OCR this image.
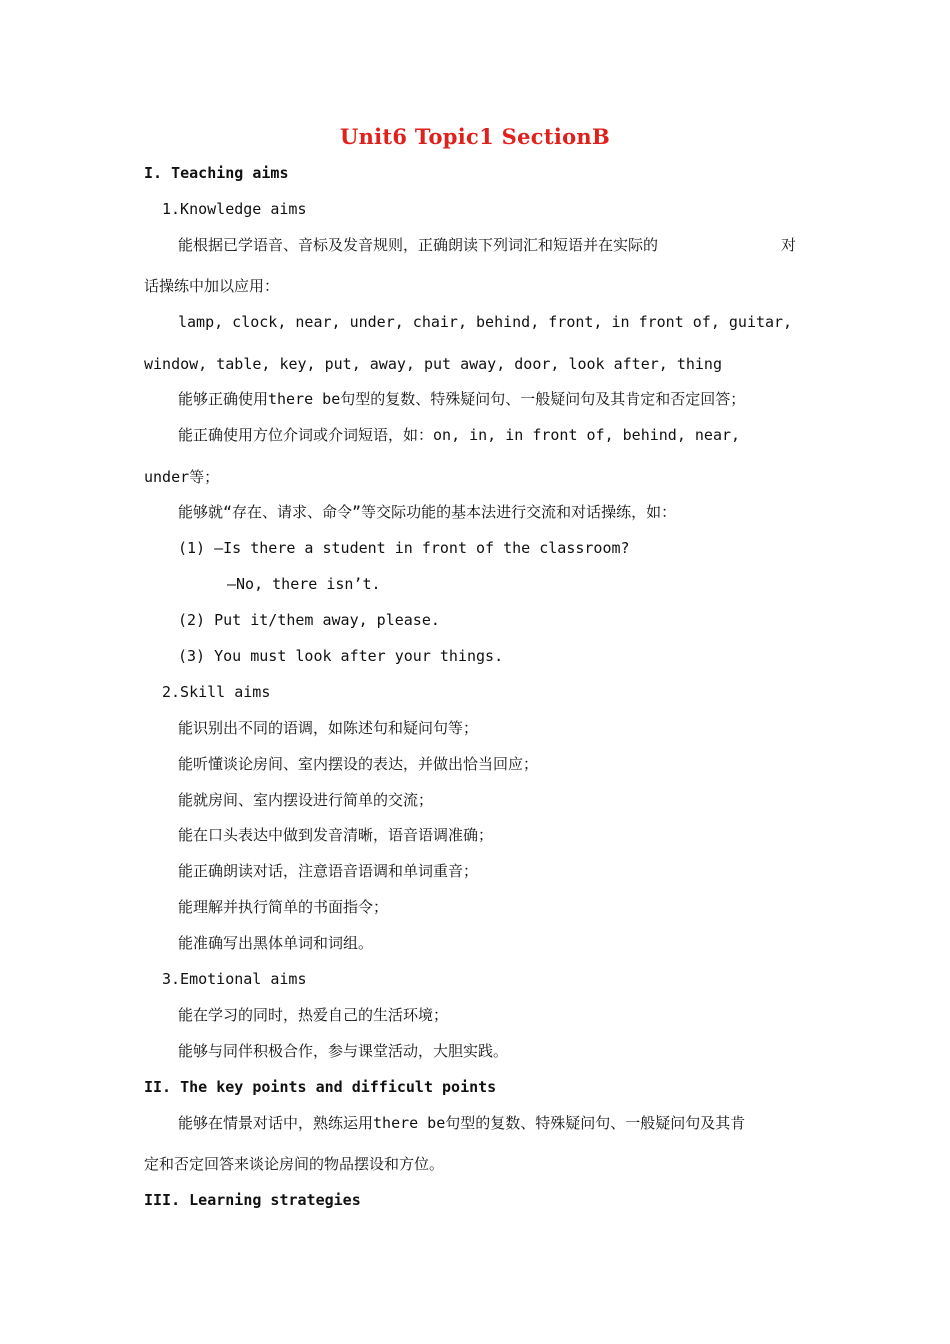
Unit6 Topic1 SectionB
I. Teaching aims
1.Knowledge aims
能根据已学语音、音标及发音规则，正确朗读下列词汇和短语并在实际的	对
话操练中加以应用：
lamp, clock, near, under, chair, behind, front, in front of, guitar,
window, table, key, put, away, put away, door, look after, thing
能够正确使用there be句型的复数、特殊疑问句、一般疑问句及其肯定和否定回答；
能正确使用方位介词或介词短语，如：on, in, in front of, behind, near,
under等；
能够就“存在、请求、命令”等交际功能的基本法进行交流和对话操练，如：
(1) —Is there a student in front of the classroom?
—No, there isn’t.
(2) Put it/them away, please.
(3) You must look after your things.
2.Skill aims
能识别出不同的语调，如陈述句和疑问句等；
能听懂谈论房间、室内摆设的表达，并做出恰当回应；
能就房间、室内摆设进行简单的交流；
能在口头表达中做到发音清晰，语音语调准确；
能正确朗读对话，注意语音语调和单词重音；
能理解并执行简单的书面指令；
能准确写出黑体单词和词组。
3.Emotional aims
能在学习的同时，热爱自己的生活环境；
能够与同伴积极合作，参与课堂活动，大胆实践。
II. The key points and difficult points
能够在情景对话中，熟练运用there be句型的复数、特殊疑问句、一般疑问句及其肯
定和否定回答来谈论房间的物品摆设和方位。
III. Learning strategies
